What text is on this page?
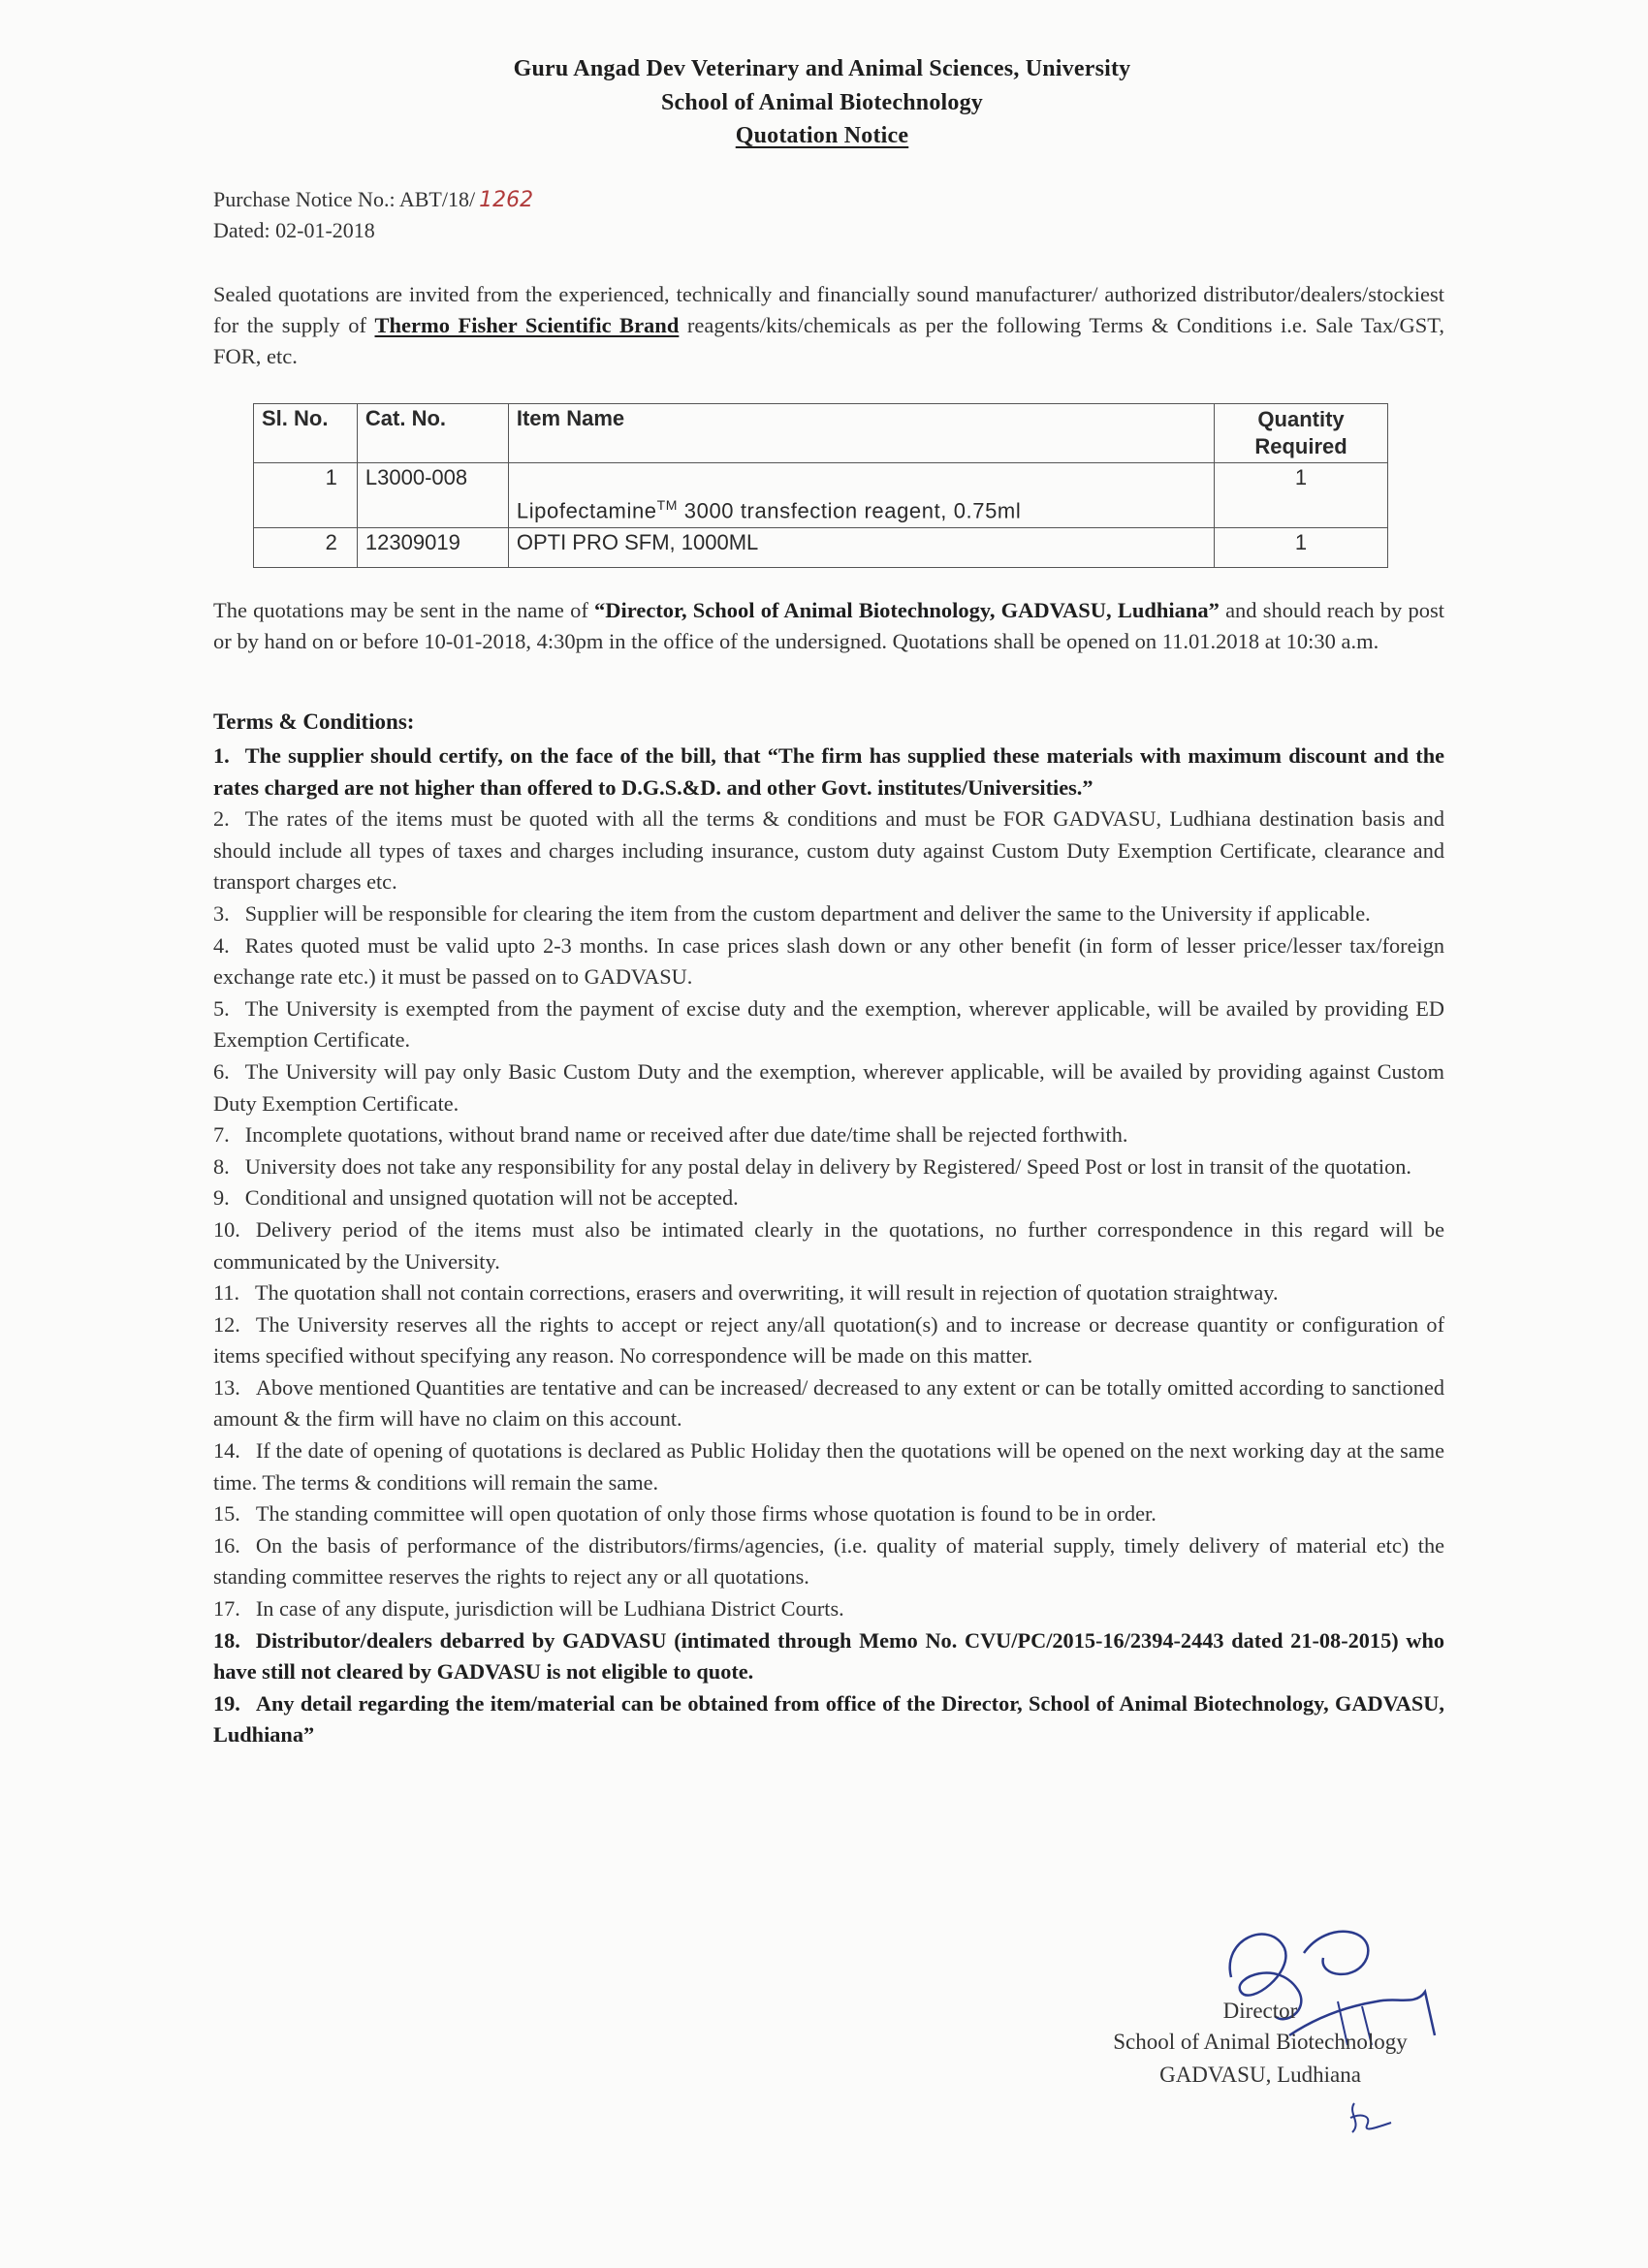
Guru Angad Dev Veterinary and Animal Sciences, University
School of Animal Biotechnology
Quotation Notice
Purchase Notice No.: ABT/18/ 1262
Dated: 02-01-2018
Sealed quotations are invited from the experienced, technically and financially sound manufacturer/ authorized distributor/dealers/stockiest for the supply of Thermo Fisher Scientific Brand reagents/kits/chemicals as per the following Terms & Conditions i.e. Sale Tax/GST, FOR, etc.
Sl. No.	Cat. No.	Item Name	Quantity
Required
1	L3000-008	Lipofectamine™ 3000 transfection reagent, 0.75ml	1
2	12309019	OPTI PRO SFM, 1000ML	1
The quotations may be sent in the name of “Director, School of Animal Biotechnology, GADVASU, Ludhiana” and should reach by post or by hand on or before 10-01-2018, 4:30pm in the office of the undersigned. Quotations shall be opened on 11.01.2018 at 10:30 a.m.
Terms & Conditions:

1. The supplier should certify, on the face of the bill, that “The firm has supplied these materials with maximum discount and the rates charged are not higher than offered to D.G.S.&D. and other Govt. institutes/Universities.”

2. The rates of the items must be quoted with all the terms & conditions and must be FOR GADVASU, Ludhiana destination basis and should include all types of taxes and charges including insurance, custom duty against Custom Duty Exemption Certificate, clearance and transport charges etc.

3. Supplier will be responsible for clearing the item from the custom department and deliver the same to the University if applicable.

4. Rates quoted must be valid upto 2-3 months. In case prices slash down or any other benefit (in form of lesser price/lesser tax/foreign exchange rate etc.) it must be passed on to GADVASU.

5. The University is exempted from the payment of excise duty and the exemption, wherever applicable, will be availed by providing ED Exemption Certificate.

6. The University will pay only Basic Custom Duty and the exemption, wherever applicable, will be availed by providing against Custom Duty Exemption Certificate.

7. Incomplete quotations, without brand name or received after due date/time shall be rejected forthwith.

8. University does not take any responsibility for any postal delay in delivery by Registered/ Speed Post or lost in transit of the quotation.

9. Conditional and unsigned quotation will not be accepted.

10. Delivery period of the items must also be intimated clearly in the quotations, no further correspondence in this regard will be communicated by the University.

11. The quotation shall not contain corrections, erasers and overwriting, it will result in rejection of quotation straightway.

12. The University reserves all the rights to accept or reject any/all quotation(s) and to increase or decrease quantity or configuration of items specified without specifying any reason. No correspondence will be made on this matter.

13. Above mentioned Quantities are tentative and can be increased/ decreased to any extent or can be totally omitted according to sanctioned amount & the firm will have no claim on this account.

14. If the date of opening of quotations is declared as Public Holiday then the quotations will be opened on the next working day at the same time. The terms & conditions will remain the same.

15. The standing committee will open quotation of only those firms whose quotation is found to be in order.

16. On the basis of performance of the distributors/firms/agencies, (i.e. quality of material supply, timely delivery of material etc) the standing committee reserves the rights to reject any or all quotations.

17. In case of any dispute, jurisdiction will be Ludhiana District Courts.

18. Distributor/dealers debarred by GADVASU (intimated through Memo No. CVU/PC/2015-16/2394-2443 dated 21-08-2015) who have still not cleared by GADVASU is not eligible to quote.

19. Any detail regarding the item/material can be obtained from office of the Director, School of Animal Biotechnology, GADVASU, Ludhiana”

Director
School of Animal Biotechnology
GADVASU, Ludhiana
